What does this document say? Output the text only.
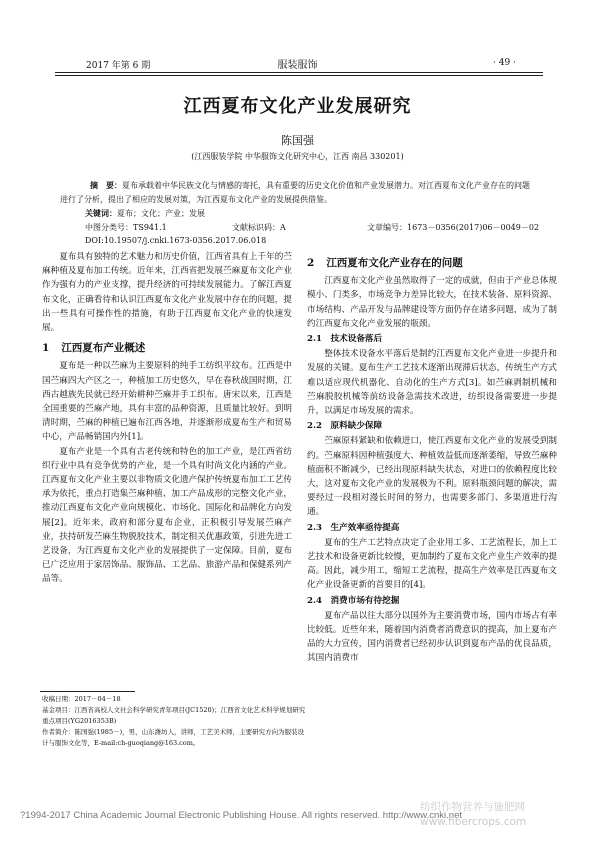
2017 年第 6 期	服装服饰	· 49 ·
江西夏布文化产业发展研究
陈国强
(江西服装学院 中华服饰文化研究中心，江西 南昌 330201)
摘　要：夏布承载着中华民族文化与情感的寄托，具有重要的历史文化价值和产业发展潜力。对江西夏布文化产业存在的问题进行了分析，提出了相应的发展对策，为江西夏布文化产业的发展提供借鉴。
关键词：夏布；文化；产业；发展
中图分类号：TS941.1	文献标识码：A	文章编号：1673－0356(2017)06－0049－02
DOI:10.19507/j.cnki.1673-0356.2017.06.018

夏布具有独特的艺术魅力和历史价值，江西省具有上千年的苎麻种植及夏布加工传统。近年来，江西省把发展苎麻夏布文化产业作为强有力的产业支撑，提升经济的可持续发展能力。了解江西夏布文化，正确看待和认识江西夏布文化产业发展中存在的问题，提出一些具有可操作性的措施，有助于江西夏布文化产业的快速发展。

1 江西夏布产业概述

夏布是一种以苎麻为主要原料的纯手工纺织平纹布。江西是中国苎麻四大产区之一，种植加工历史悠久，早在春秋战国时期，江西古越族先民就已经开始耕种苎麻并手工织布。唐宋以来，江西是全国重要的苎麻产地，具有丰富的品种资源，且质量比较好。到明清时期，苎麻的种植已遍布江西各地，并逐渐形成夏布生产和贸易中心，产品畅销国内外[1]。

夏布产业是一个具有古老传统和特色的加工产业，是江西省纺织行业中具有竞争优势的产业，是一个具有时尚文化内涵的产业。江西夏布文化产业主要以非物质文化遗产保护传统夏布加工工艺传承为依托，重点打造集苎麻种植、加工产品成形的完整文化产业，推动江西夏布文化产业向规模化、市场化、国际化和品牌化方向发展[2]。近年来，政府和部分夏布企业，正积极引导发展苎麻产业，扶持研发苎麻生物脱胶技术，制定相关优惠政策，引进先进工艺设备，为江西夏布文化产业的发展提供了一定保障。目前，夏布已广泛应用于家居饰品、服饰品、工艺品、旅游产品和保健系列产品等。

2 江西夏布文化产业存在的问题

江西夏布文化产业虽然取得了一定的成就，但由于产业总体规模小、门类多，市场竞争力差异比较大，在技术装备、原料资源、市场结构、产品开发与品牌建设等方面仍存在诸多问题，成为了制约江西夏布文化产业发展的瓶颈。

2.1　技术设备落后

整体技术设备水平落后是制约江西夏布文化产业进一步提升和发展的关键。夏布生产工艺技术逐渐出现滞后状态，传统生产方式难以适应现代机器化、自动化的生产方式[3]。如苎麻剥制机械和苎麻脱胶机械等前纺设备急需技术改进，纺织设备需要进一步提升，以满足市场发展的需求。

2.2　原料缺少保障

苎麻原料紧缺和依赖进口，使江西夏布文化产业的发展受到制约。苎麻原料因种植强度大、种植效益低而逐渐萎缩，导致苎麻种植面积不断减少，已经出现原料缺失状态，对进口的依赖程度比较大，这对夏布文化产业的发展极为不利。原料瓶颈问题的解决，需要经过一段相对漫长时间的努力，也需要多部门、多渠道进行沟通。

2.3　生产效率亟待提高

夏布的生产工艺特点决定了企业用工多、工艺流程长，加上工艺技术和设备更新比较慢，更加制约了夏布文化产业生产效率的提高。因此，减少用工，缩短工艺流程，提高生产效率是江西夏布文化产业设备更新的首要目的[4]。

2.4　消费市场有待挖掘

夏布产品以往大部分以国外为主要消费市场，国内市场占有率比较低。近些年来，随着国内消费者消费意识的提高，加上夏布产品的大力宣传，国内消费者已经初步认识到夏布产品的优良品质，其国内消费市

收稿日期：2017－04－18
基金项目：江西省高校人文社会科学研究青年项目(JC1520)；江西省文化艺术科学规划研究重点项目(YG2016353B)
作者简介：陈国强(1985－)，男，山东潍坊人，讲师，工艺美术师，主要研究方向为服装设计与服饰文化等，E-mail:ch-guoqiang@163.com。
?1994-2017 China Academic Journal Electronic Publishing House. All rights reserved. http://www.cnki.net
纺织作物营养与施肥网 www.fibercrops.com
